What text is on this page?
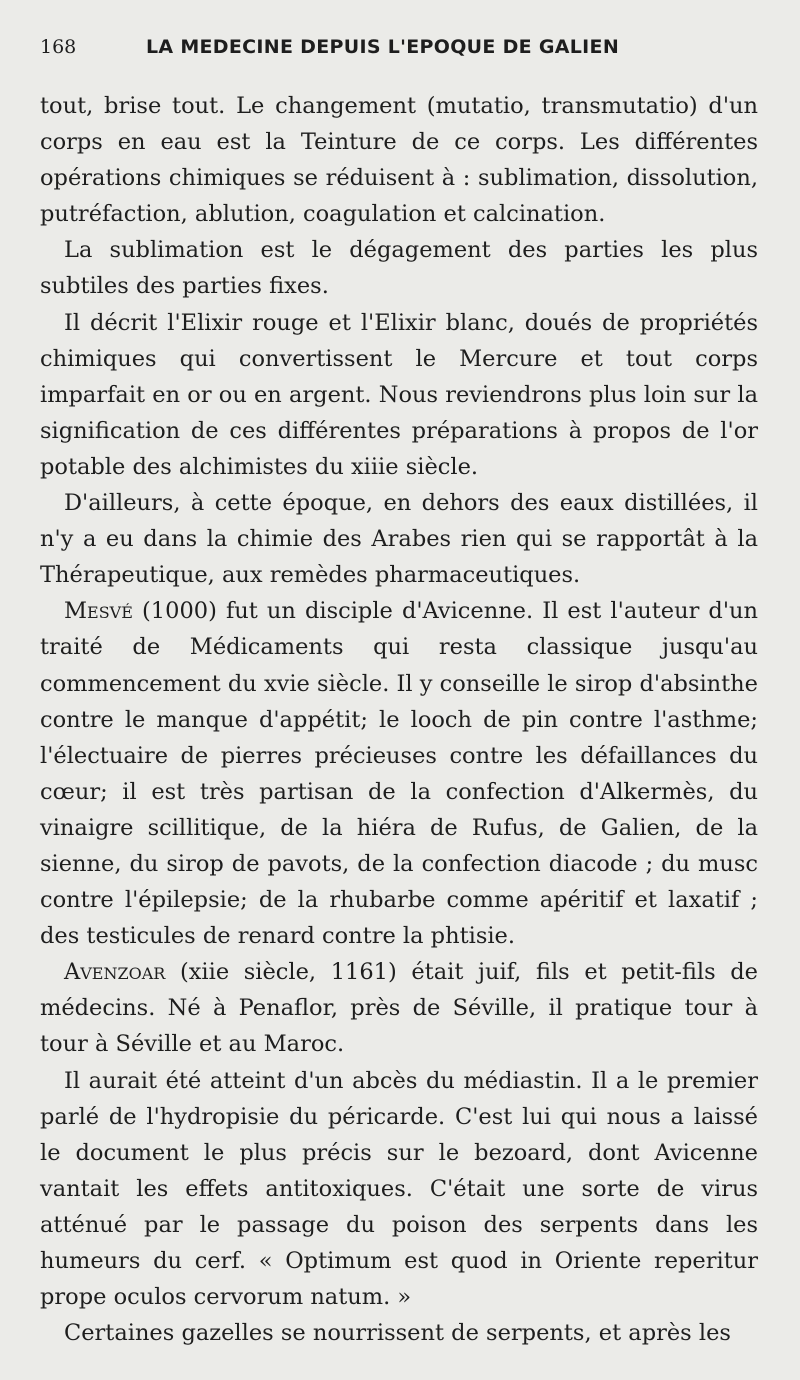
168	LA MEDECINE DEPUIS L'EPOQUE DE GALIEN

tout, brise tout. Le changement (mutatio, transmutatio) d'un corps en eau est la Teinture de ce corps. Les différentes opérations chimiques se réduisent à : sublimation, dissolution, putréfaction, ablution, coagulation et calcination.

La sublimation est le dégagement des parties les plus subtiles des parties fixes.

Il décrit l'Elixir rouge et l'Elixir blanc, doués de propriétés chimiques qui convertissent le Mercure et tout corps imparfait en or ou en argent. Nous reviendrons plus loin sur la signification de ces différentes préparations à propos de l'or potable des alchimistes du xiiie siècle.

D'ailleurs, à cette époque, en dehors des eaux distillées, il n'y a eu dans la chimie des Arabes rien qui se rapportât à la Thérapeutique, aux remèdes pharmaceutiques.

Mesvé (1000) fut un disciple d'Avicenne. Il est l'auteur d'un traité de Médicaments qui resta classique jusqu'au commencement du xvie siècle. Il y conseille le sirop d'absinthe contre le manque d'appétit; le looch de pin contre l'asthme; l'électuaire de pierres précieuses contre les défaillances du cœur; il est très partisan de la confection d'Alkermès, du vinaigre scillitique, de la hiéra de Rufus, de Galien, de la sienne, du sirop de pavots, de la confection diacode ; du musc contre l'épilepsie; de la rhubarbe comme apéritif et laxatif ; des testicules de renard contre la phtisie.

Avenzoar (xiie siècle, 1161) était juif, fils et petit-fils de médecins. Né à Penaflor, près de Séville, il pratique tour à tour à Séville et au Maroc.

Il aurait été atteint d'un abcès du médiastin. Il a le premier parlé de l'hydropisie du péricarde. C'est lui qui nous a laissé le document le plus précis sur le bezoard, dont Avicenne vantait les effets antitoxiques. C'était une sorte de virus atténué par le passage du poison des serpents dans les humeurs du cerf. « Optimum est quod in Oriente reperitur prope oculos cervorum natum. »

Certaines gazelles se nourrissent de serpents, et après les
